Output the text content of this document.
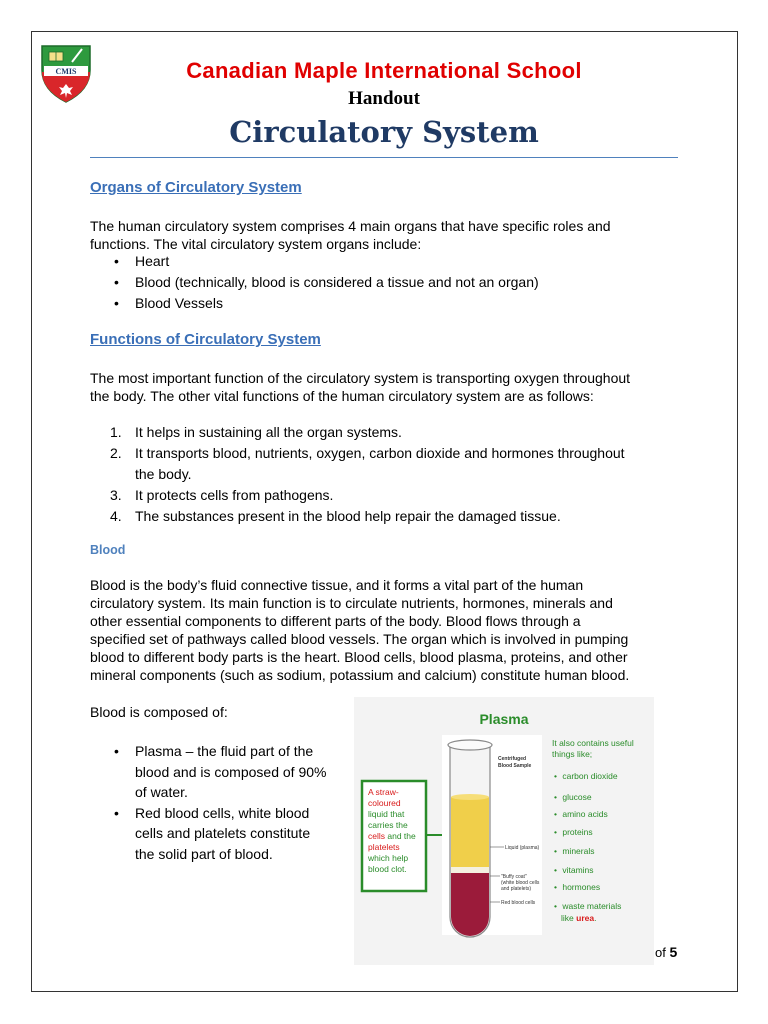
CMIS	Canadian Maple International School
Handout
Circulatory System
Organs of Circulatory System
The human circulatory system comprises 4 main organs that have specific roles and
functions. The vital circulatory system organs include:
• Heart
• Blood (technically, blood is considered a tissue and not an organ)
• Blood Vessels
Functions of Circulatory System
The most important function of the circulatory system is transporting oxygen throughout
the body. The other vital functions of the human circulatory system are as follows:
1. It helps in sustaining all the organ systems.
2. It transports blood, nutrients, oxygen, carbon dioxide and hormones throughout
the body.
3. It protects cells from pathogens.
4. The substances present in the blood help repair the damaged tissue.
Blood
Blood is the body’s fluid connective tissue, and it forms a vital part of the human
circulatory system. Its main function is to circulate nutrients, hormones, minerals and
other essential components to different parts of the body. Blood flows through a
specified set of pathways called blood vessels. The organ which is involved in pumping
blood to different body parts is the heart. Blood cells, blood plasma, proteins, and other
mineral components (such as sodium, potassium and calcium) constitute human blood.
Blood is composed of:
• Plasma – the fluid part of the
blood and is composed of 90%
of water.
• Red blood cells, white blood
cells and platelets constitute
the solid part of blood.
Plasma
A straw-
coloured
liquid that
carries the
cells and the
platelets
which help
blood clot.
Centrifuged
Blood Sample
Liquid (plasma)
"Buffy coat"
(white blood cells
and platelets)
Red blood cells
It also contains useful
things like;
• carbon dioxide
• glucose
• amino acids
• proteins
• minerals
• vitamins
• hormones
• waste materials
like urea.
of 5
